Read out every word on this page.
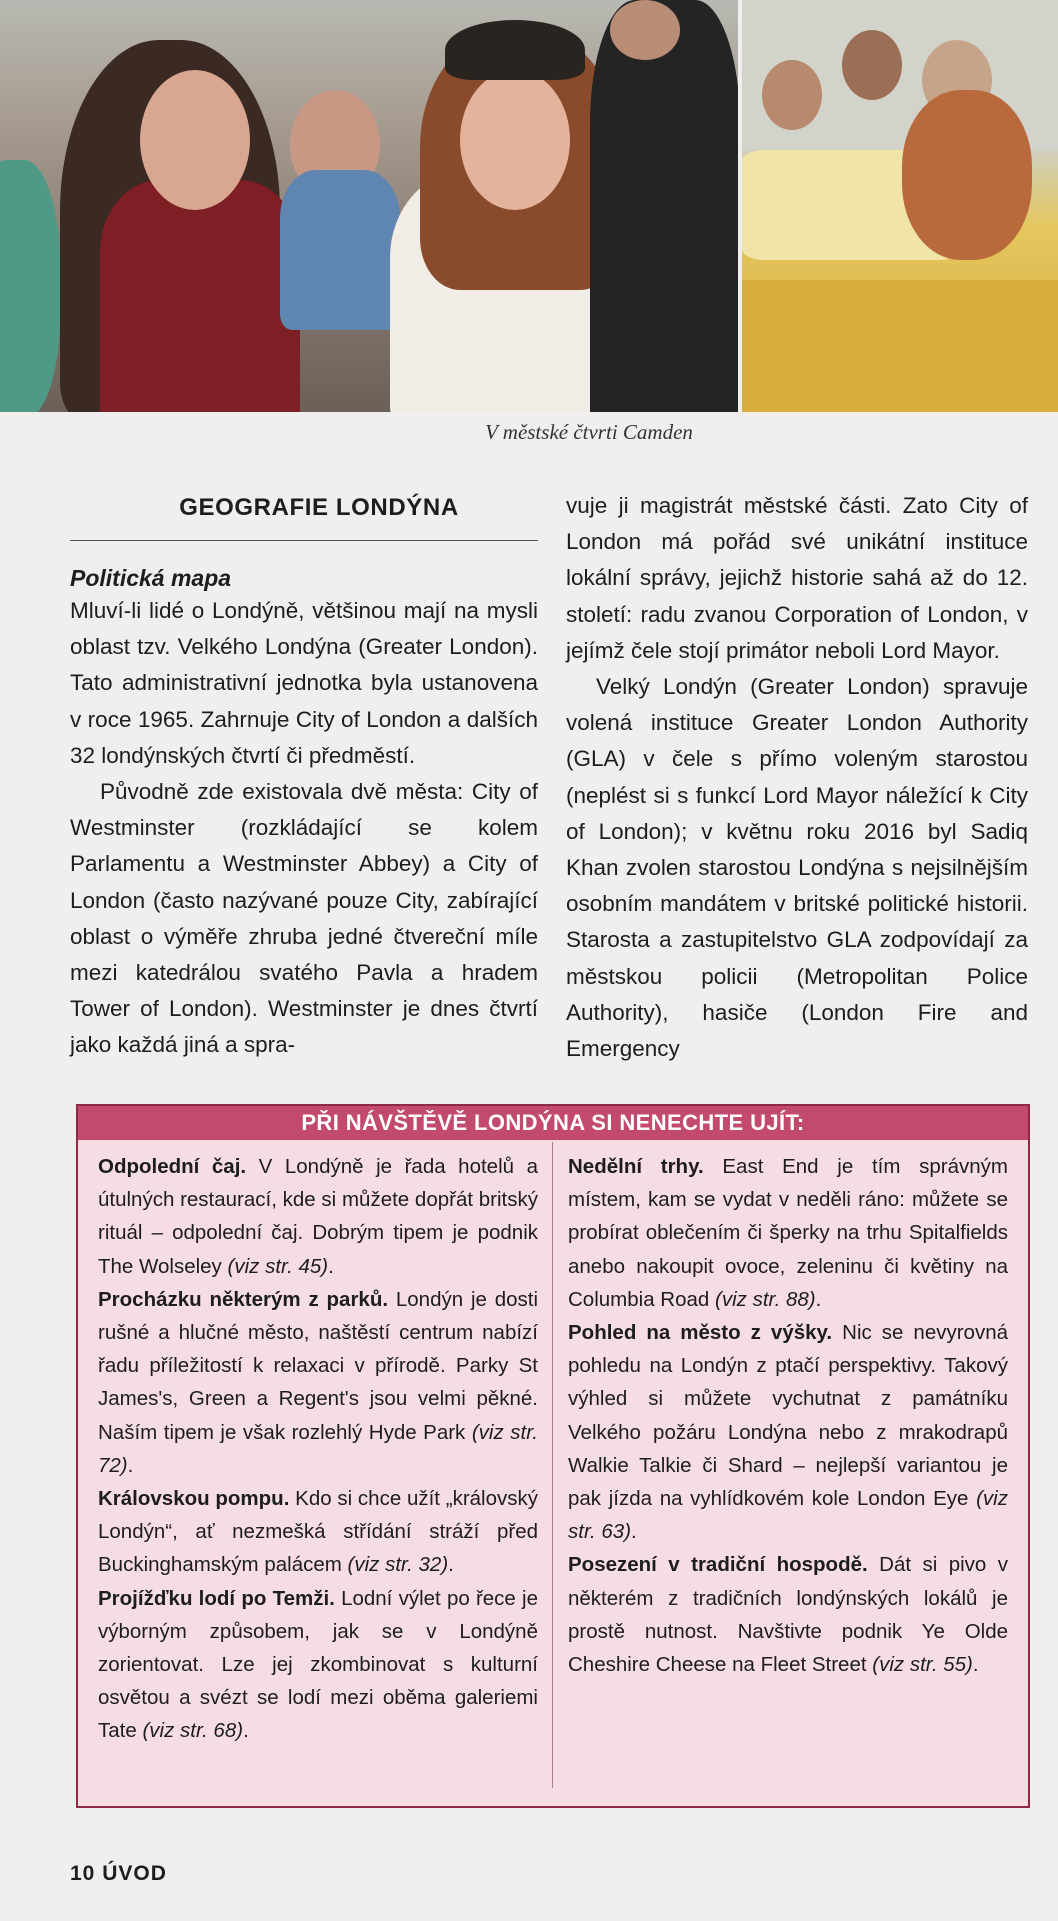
V městské čtvrti Camden
GEOGRAFIE LONDÝNA
Politická mapa

Mluví-li lidé o Londýně, většinou mají na mysli oblast tzv. Velkého Londýna (Greater London). Tato administrativní jednotka byla ustanovena v roce 1965. Zahrnuje City of London a dalších 32 londýnských čtvrtí či předměstí.

Původně zde existovala dvě města: City of Westminster (rozkládající se kolem Parlamentu a Westminster Abbey) a City of London (často nazývané pouze City, zabírající oblast o výměře zhruba jedné čtvereční míle mezi katedrálou svatého Pavla a hradem Tower of London). Westminster je dnes čtvrtí jako každá jiná a spra-

vuje ji magistrát městské části. Zato City of London má pořád své unikátní instituce lokální správy, jejichž historie sahá až do 12. století: radu zvanou Corporation of London, v jejímž čele stojí primátor neboli Lord Mayor.

Velký Londýn (Greater London) spravuje volená instituce Greater London Authority (GLA) v čele s přímo voleným starostou (neplést si s funkcí Lord Mayor náležící k City of London); v květnu roku 2016 byl Sadiq Khan zvolen starostou Londýna s nejsilnějším osobním mandátem v britské politické historii. Starosta a zastupitelstvo GLA zodpovídají za městskou policii (Metropolitan Police Authority), hasiče (London Fire and Emergency

PŘI NÁVŠTĚVĚ LONDÝNA SI NENECHTE UJÍT:

Odpolední čaj. V Londýně je řada hotelů a útulných restaurací, kde si můžete dopřát britský rituál – odpolední čaj. Dobrým tipem je podnik The Wolseley (viz str. 45).

Procházku některým z parků. Londýn je dosti rušné a hlučné město, naštěstí centrum nabízí řadu příležitostí k relaxaci v přírodě. Parky St James's, Green a Regent's jsou velmi pěkné. Naším tipem je však rozlehlý Hyde Park (viz str. 72).

Královskou pompu. Kdo si chce užít „královský Londýn“, ať nezmešká střídání stráží před Buckinghamským palácem (viz str. 32).

Projížďku lodí po Temži. Lodní výlet po řece je výborným způsobem, jak se v Londýně zorientovat. Lze jej zkombinovat s kulturní osvětou a svézt se lodí mezi oběma galeriemi Tate (viz str. 68).

Nedělní trhy. East End je tím správným místem, kam se vydat v neděli ráno: můžete se probírat oblečením či šperky na trhu Spitalfields anebo nakoupit ovoce, zeleninu či květiny na Columbia Road (viz str. 88).

Pohled na město z výšky. Nic se nevyrovná pohledu na Londýn z ptačí perspektivy. Takový výhled si můžete vychutnat z památníku Velkého požáru Londýna nebo z mrakodrapů Walkie Talkie či Shard – nejlepší variantou je pak jízda na vyhlídkovém kole London Eye (viz str. 63).

Posezení v tradiční hospodě. Dát si pivo v některém z tradičních londýnských lokálů je prostě nutnost. Navštivte podnik Ye Olde Cheshire Cheese na Fleet Street (viz str. 55).

10 ÚVOD
